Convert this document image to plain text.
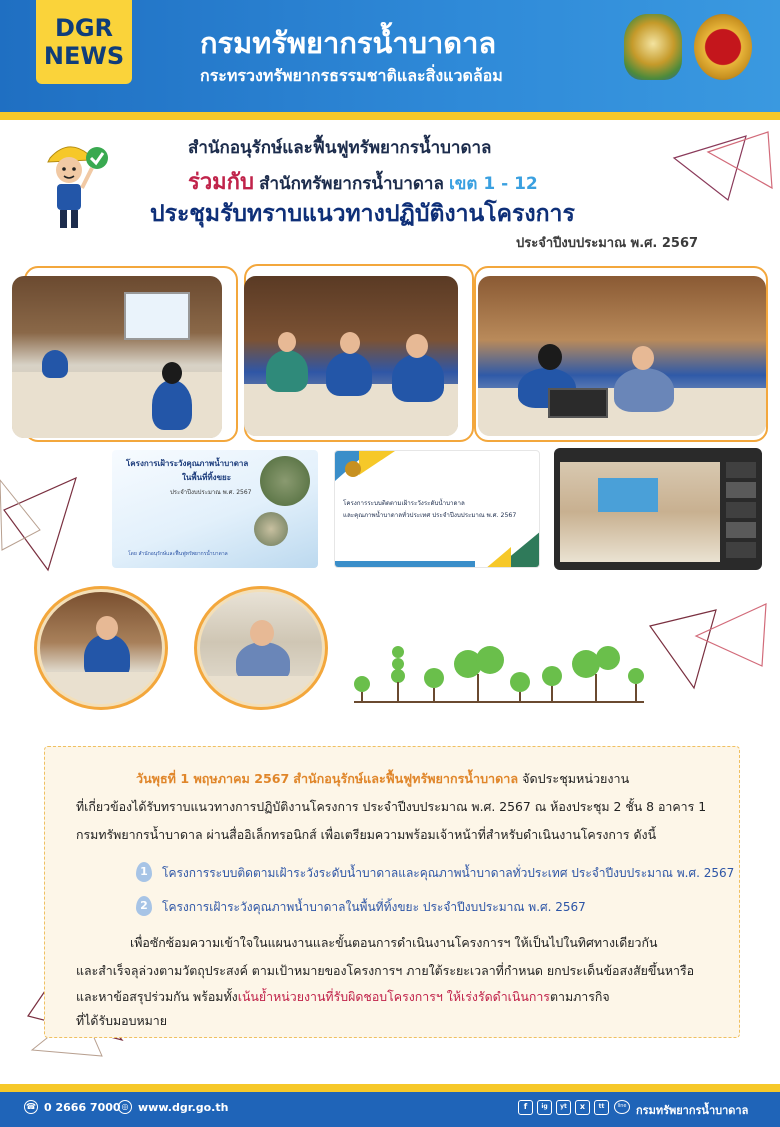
DGR
NEWS	กรมทรัพยากรน้ำบาดาล
กระทรวงทรัพยากรธรรมชาติและสิ่งแวดล้อม
สำนักอนุรักษ์และฟื้นฟูทรัพยากรน้ำบาดาล
ร่วมกับ สำนักทรัพยากรน้ำบาดาล เขต 1 - 12
ประชุมรับทราบแนวทางปฏิบัติงานโครงการ
ประจำปีงบประมาณ พ.ศ. 2567
โครงการเฝ้าระวังคุณภาพน้ำบาดาล
ในพื้นที่ทิ้งขยะ
ประจำปีงบประมาณ พ.ศ. 2567
โดย สำนักอนุรักษ์และฟื้นฟูทรัพยากรน้ำบาดาล
โครงการระบบติดตามเฝ้าระวังระดับน้ำบาดาล
และคุณภาพน้ำบาดาลทั่วประเทศ ประจำปีงบประมาณ พ.ศ. 2567
วันพุธที่ 1 พฤษภาคม 2567 สำนักอนุรักษ์และฟื้นฟูทรัพยากรน้ำบาดาล จัดประชุมหน่วยงาน
ที่เกี่ยวข้องได้รับทราบแนวทางการปฏิบัติงานโครงการ ประจำปีงบประมาณ พ.ศ. 2567 ณ ห้องประชุม 2 ชั้น 8 อาคาร 1
กรมทรัพยากรน้ำบาดาล ผ่านสื่ออิเล็กทรอนิกส์ เพื่อเตรียมความพร้อมเจ้าหน้าที่สำหรับดำเนินงานโครงการ ดังนี้
1	โครงการระบบติดตามเฝ้าระวังระดับน้ำบาดาลและคุณภาพน้ำบาดาลทั่วประเทศ ประจำปีงบประมาณ พ.ศ. 2567
2	โครงการเฝ้าระวังคุณภาพน้ำบาดาลในพื้นที่ทิ้งขยะ ประจำปีงบประมาณ พ.ศ. 2567
เพื่อซักซ้อมความเข้าใจในแผนงานและขั้นตอนการดำเนินงานโครงการฯ ให้เป็นไปในทิศทางเดียวกัน
และสำเร็จลุล่วงตามวัตถุประสงค์ ตามเป้าหมายของโครงการฯ ภายใต้ระยะเวลาที่กำหนด ยกประเด็นข้อสงสัยขึ้นหารือ
และหาข้อสรุปร่วมกัน พร้อมทั้งเน้นย้ำหน่วยงานที่รับผิดชอบโครงการฯ ให้เร่งรัดดำเนินการตามภารกิจ
ที่ได้รับมอบหมาย
☎ 0 2666 7000 ◎ www.dgr.go.th	f	ig	yt	x	tt	line กรมทรัพยากรน้ำบาดาล
